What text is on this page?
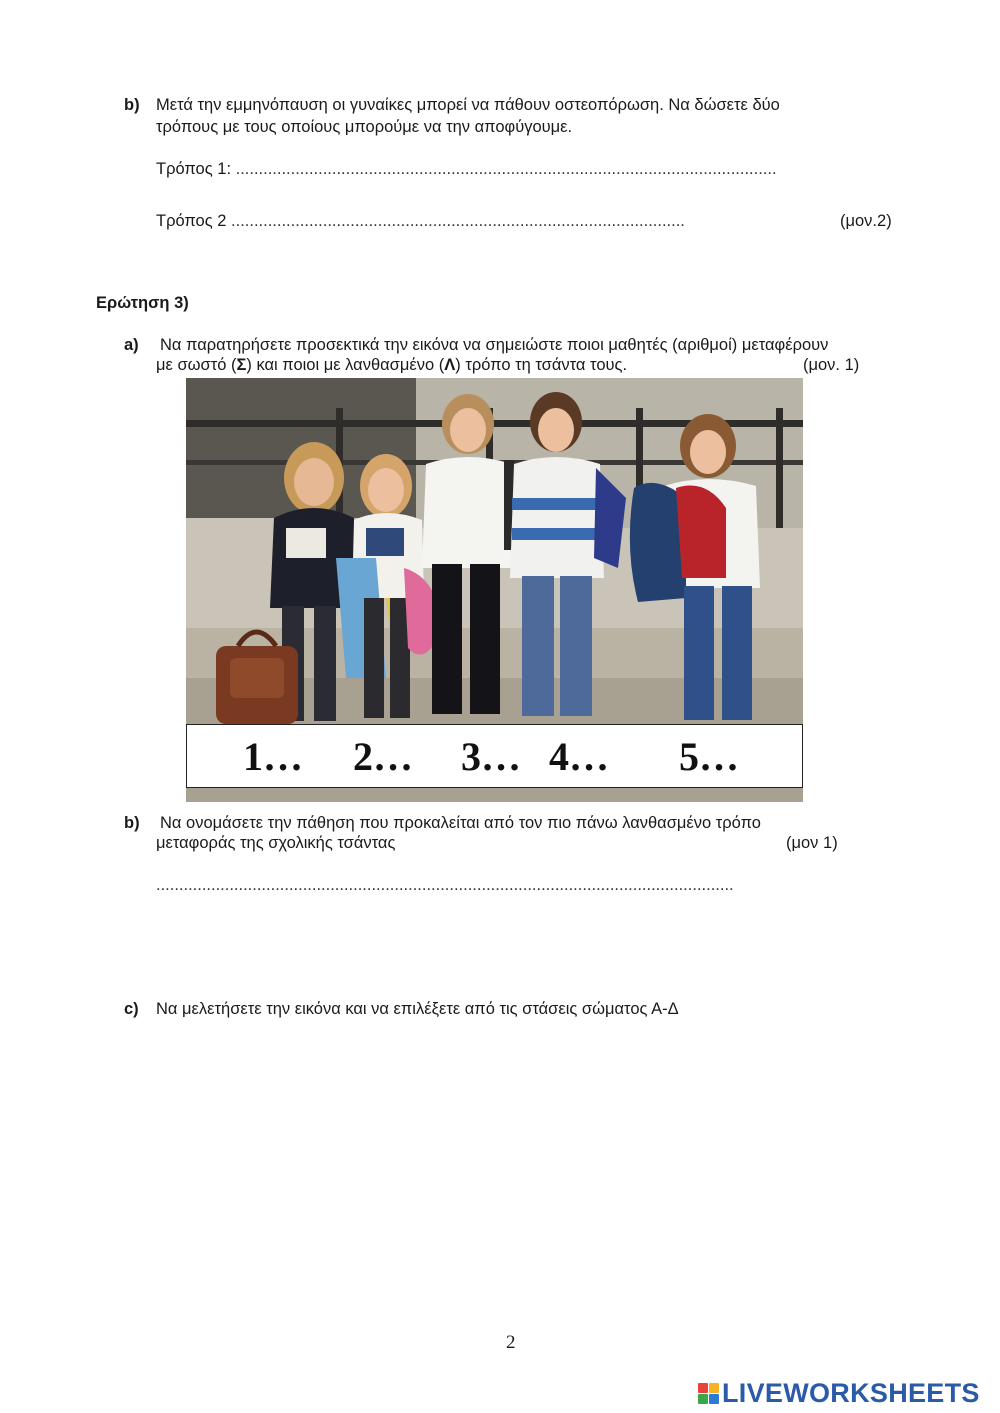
b) Μετά την εμμηνόπαυση οι γυναίκες μπορεί να πάθουν οστεοπόρωση. Να δώσετε δύο
τρόπους με τους οποίους μπορούμε να την αποφύγουμε.
Τρόπος 1: ......................................................................................................................
Τρόπος 2 ...................................................................................................	(μον.2)
Ερώτηση 3)
a) Να παρατηρήσετε προσεκτικά την εικόνα να σημειώστε ποιοι μαθητές (αριθμοί) μεταφέρουν
με σωστό (Σ) και ποιοι με λανθασμένο (Λ) τρόπο τη τσάντα τους.	(μον. 1)
1… 2… 3… 4… 5…
b) Να ονομάσετε την πάθηση που προκαλείται από τον πιο πάνω λανθασμένο τρόπο
μεταφοράς της σχολικής τσάντας	(μον 1)
..............................................................................................................................
c) Να μελετήσετε την εικόνα και να επιλέξετε από τις στάσεις σώματος Α-Δ
2
LIVEWORKSHEETS
